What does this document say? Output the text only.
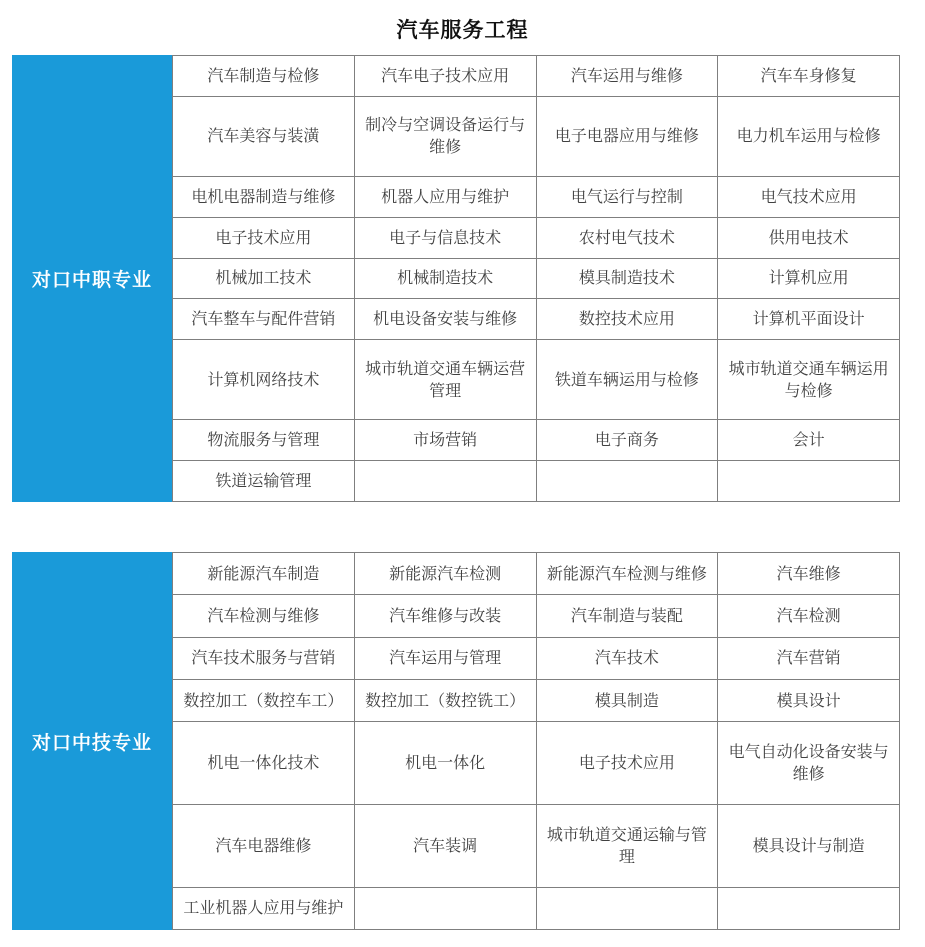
汽车服务工程
对口中职专业
汽车制造与检修	汽车电子技术应用	汽车运用与维修	汽车车身修复
汽车美容与装潢	制冷与空调设备运行与维修	电子电器应用与维修	电力机车运用与检修
电机电器制造与维修	机器人应用与维护	电气运行与控制	电气技术应用
电子技术应用	电子与信息技术	农村电气技术	供用电技术
机械加工技术	机械制造技术	模具制造技术	计算机应用
汽车整车与配件营销	机电设备安装与维修	数控技术应用	计算机平面设计
计算机网络技术	城市轨道交通车辆运营管理	铁道车辆运用与检修	城市轨道交通车辆运用与检修
物流服务与管理	市场营销	电子商务	会计
铁道运输管理			
对口中技专业
新能源汽车制造	新能源汽车检测	新能源汽车检测与维修	汽车维修
汽车检测与维修	汽车维修与改装	汽车制造与装配	汽车检测
汽车技术服务与营销	汽车运用与管理	汽车技术	汽车营销
数控加工（数控车工）	数控加工（数控铣工）	模具制造	模具设计
机电一体化技术	机电一体化	电子技术应用	电气自动化设备安装与维修
汽车电器维修	汽车装调	城市轨道交通运输与管理	模具设计与制造
工业机器人应用与维护			
